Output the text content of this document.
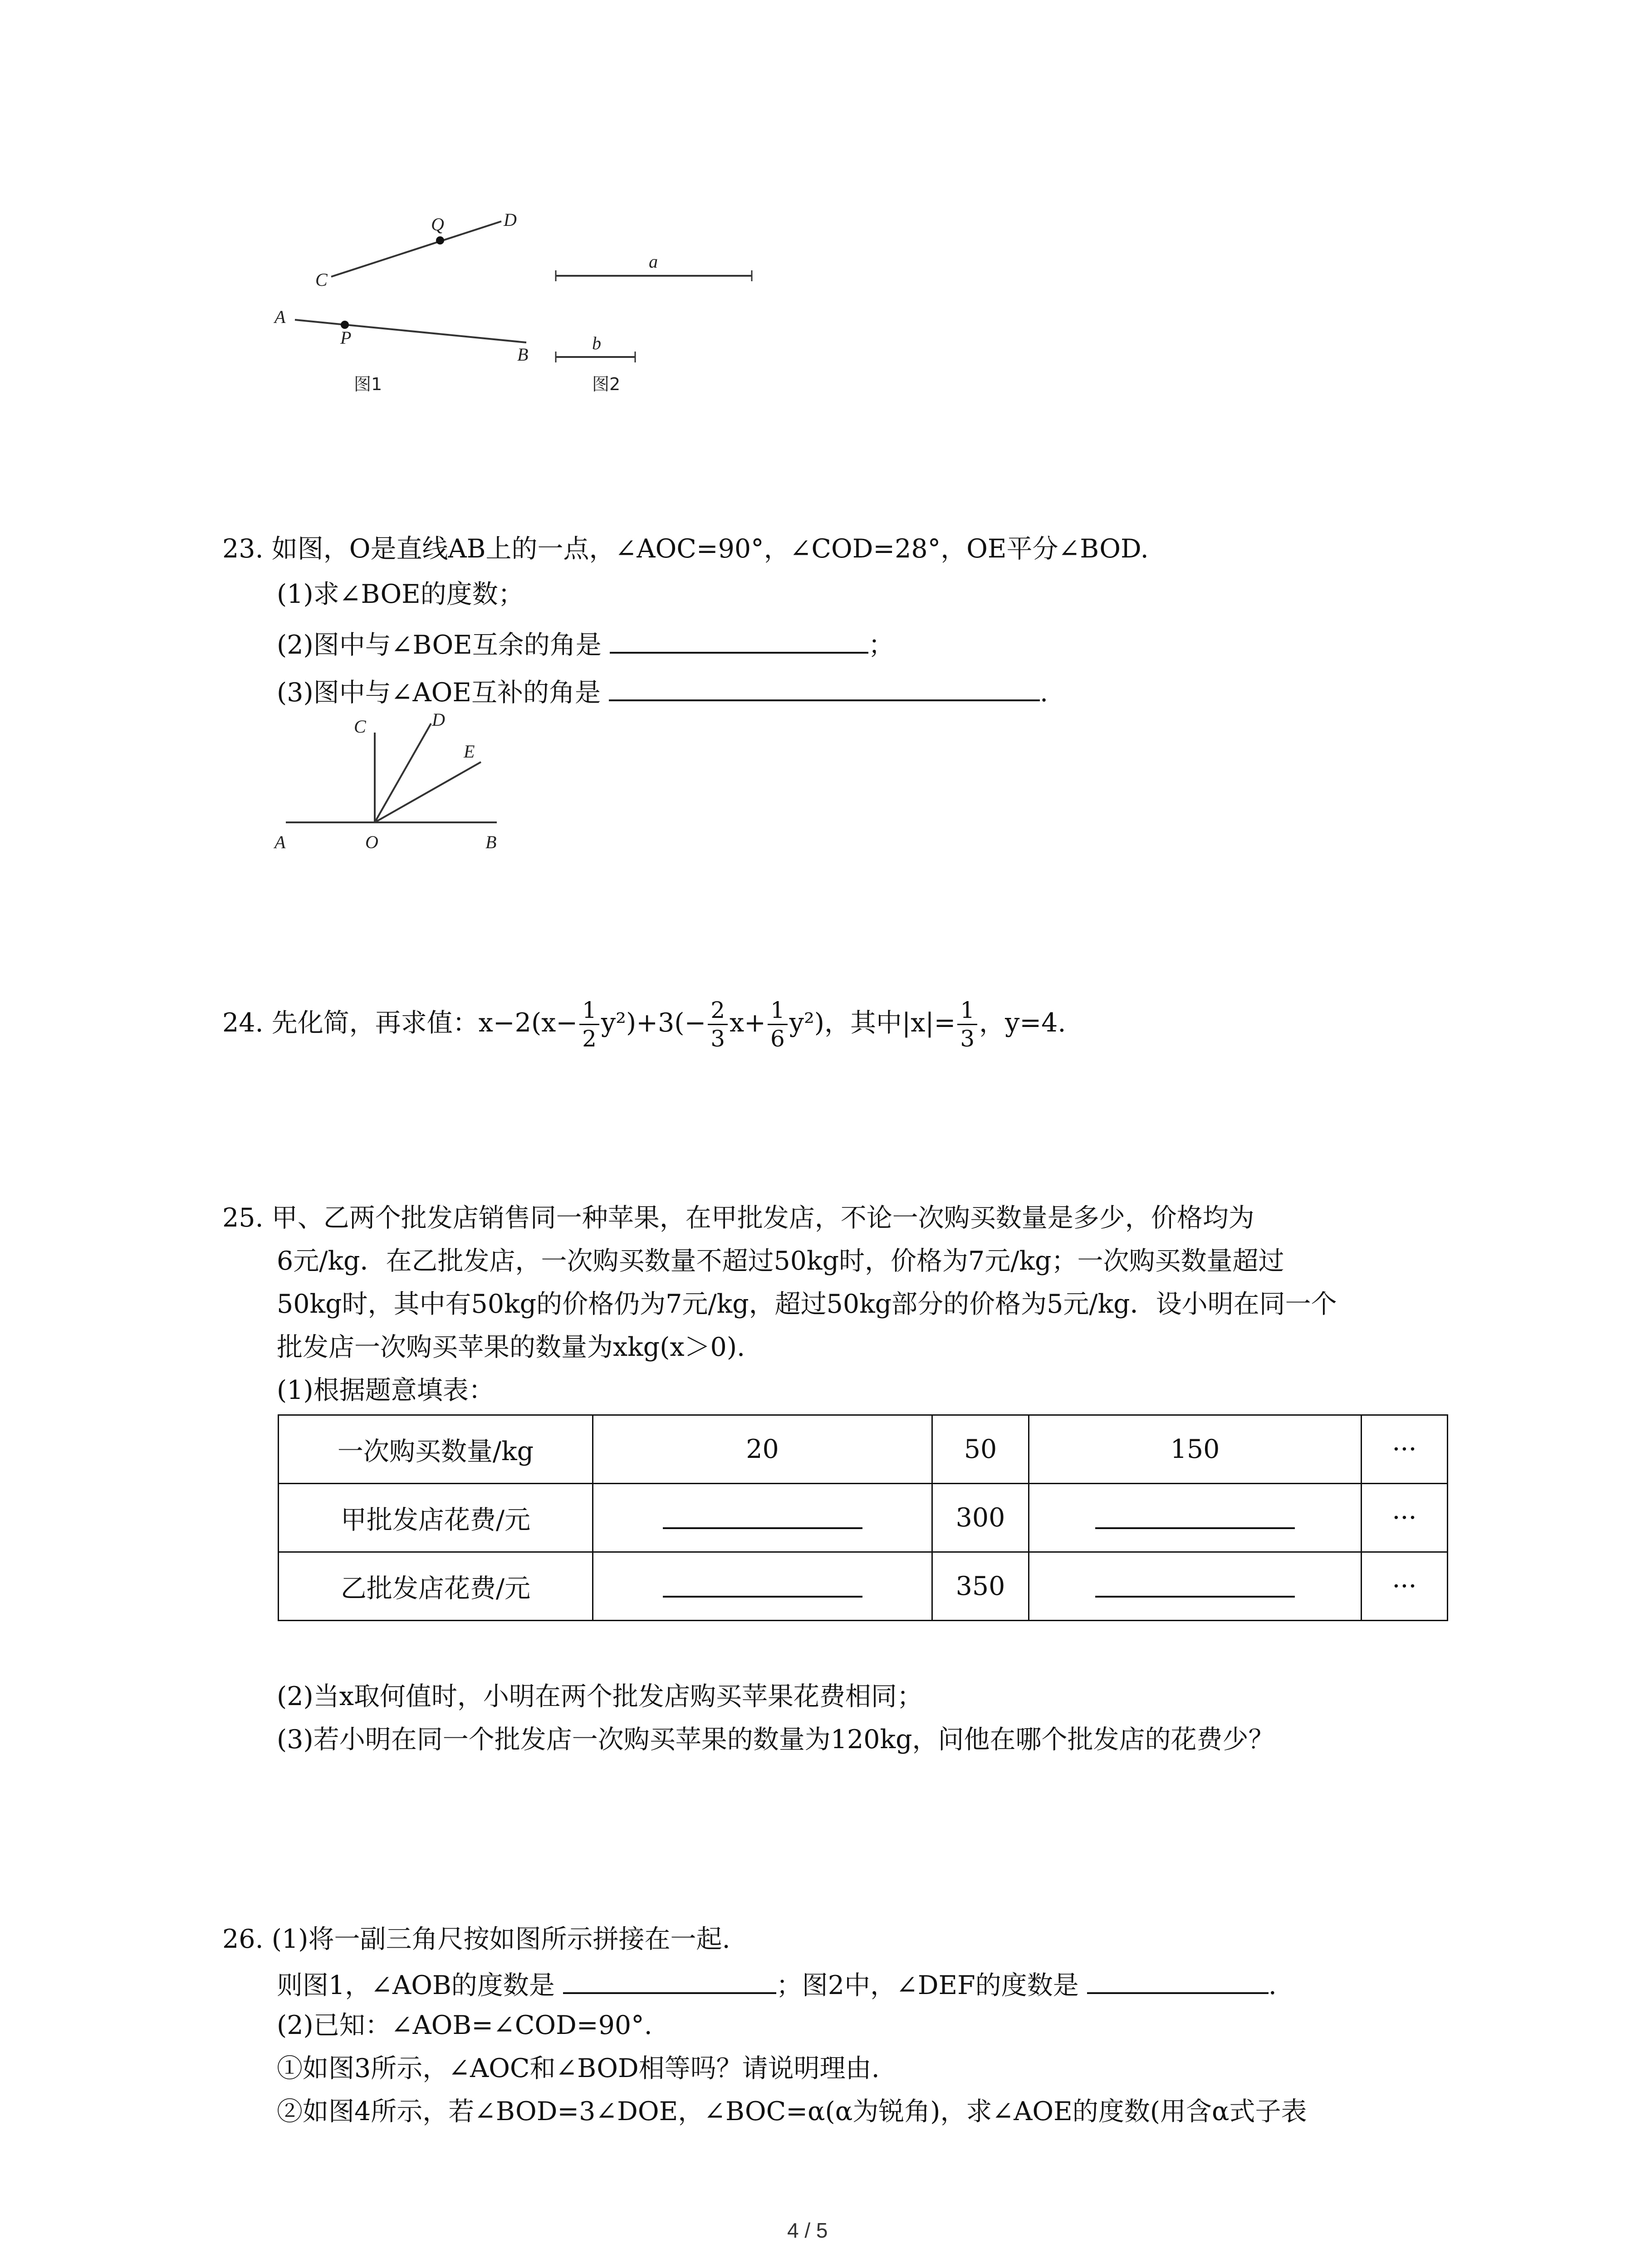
C
Q	D
A
P
B
图1
a
b
图2
23. 如图，O是直线AB上的一点，∠AOC=90°，∠COD=28°，OE平分∠BOD.
(1)求∠BOE的度数；
(2)图中与∠BOE互余的角是	；
(3)图中与∠AOE互补的角是	.
C	D
E
A	O	B
24. 先化简，再求值：$x-2(x- \frac{1}{2} y^2)+3(- \frac{2}{3} x+ \frac{1}{6} y^2)$，其中$|x|= \frac{1}{3}$ ，y=4.
25. 甲、乙两个批发店销售同一种苹果，在甲批发店，不论一次购买数量是多少，价格均为
6元/kg．在乙批发店，一次购买数量不超过50kg时，价格为7元/kg；一次购买数量超过
50kg时，其中有50kg的价格仍为7元/kg，超过50kg部分的价格为5元/kg．设小明在同一个
批发店一次购买苹果的数量为xkg(x＞0).
(1)根据题意填表：
一次购买数量/kg	20	50	150	···
甲批发店花费/元		300		···
乙批发店花费/元		350		···
(2)当x取何值时，小明在两个批发店购买苹果花费相同；
(3)若小明在同一个批发店一次购买苹果的数量为120kg，问他在哪个批发店的花费少？
26. (1)将一副三角尺按如图所示拼接在一起.
则图1，∠AOB的度数是	；图2中，∠DEF的度数是	.
(2)已知：∠AOB=∠COD=90°.
①如图3所示，∠AOC和∠BOD相等吗？请说明理由.
②如图4所示，若∠BOD=3∠DOE，∠BOC=α(α为锐角)，求∠AOE的度数(用含α式子表
4 / 5
